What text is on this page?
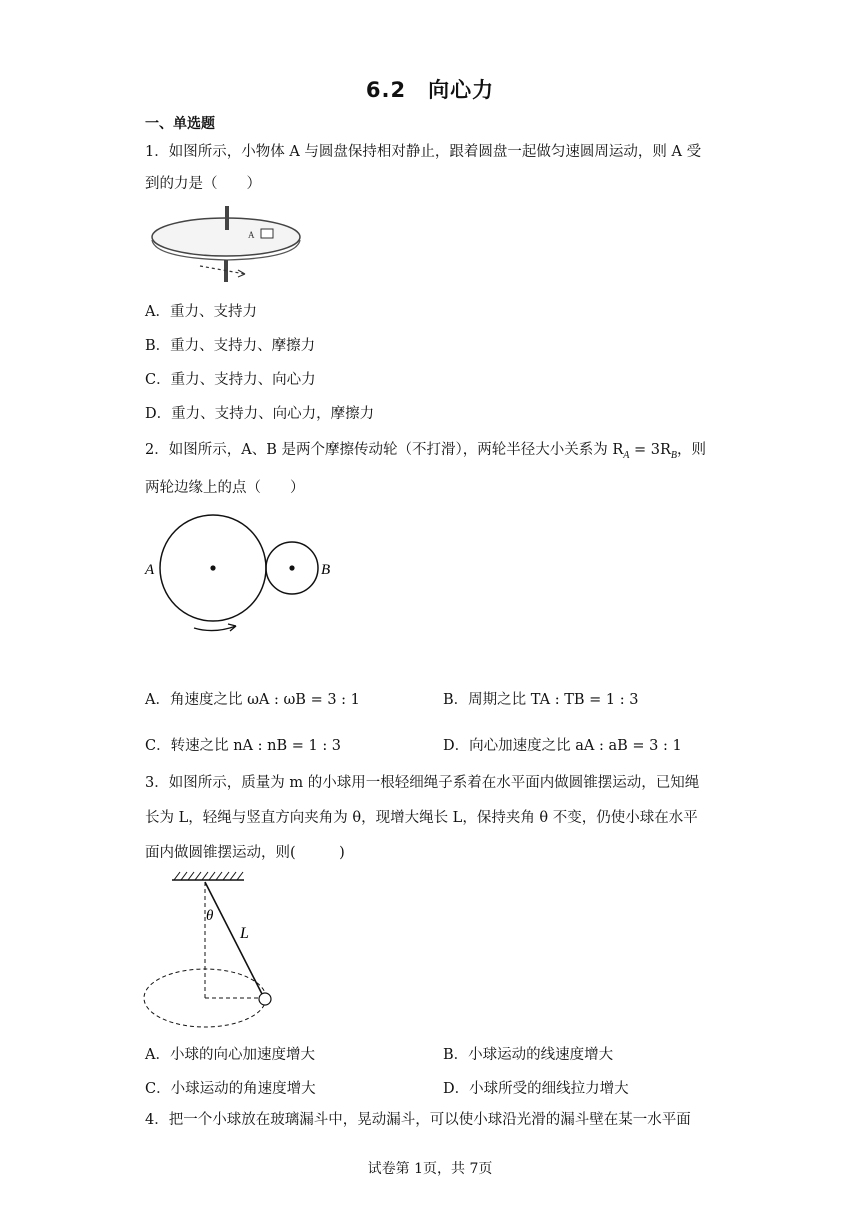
6.2　向心力
一、单选题
1．如图所示，小物体 A 与圆盘保持相对静止，跟着圆盘一起做匀速圆周运动，则 A 受
到的力是（　　）
A
A．重力、支持力
B．重力、支持力、摩擦力
C．重力、支持力、向心力
D．重力、支持力、向心力，摩擦力
2．如图所示，A、B 是两个摩擦传动轮（不打滑），两轮半径大小关系为 $R_A = 3R_B$，则
两轮边缘上的点（　　）
A	B
A．角速度之比 ωA : ωB = 3 : 1	B．周期之比 TA : TB = 1 : 3
C．转速之比 nA : nB = 1 : 3	D．向心加速度之比 aA : aB = 3 : 1
3．如图所示，质量为 m 的小球用一根轻细绳子系着在水平面内做圆锥摆运动，已知绳
长为 L，轻绳与竖直方向夹角为 θ，现增大绳长 L，保持夹角 θ 不变，仍使小球在水平
面内做圆锥摆运动，则(　　　)
θ
L
A．小球的向心加速度增大	B．小球运动的线速度增大
C．小球运动的角速度增大	D．小球所受的细线拉力增大
4．把一个小球放在玻璃漏斗中，晃动漏斗，可以使小球沿光滑的漏斗壁在某一水平面
试卷第 1页，共 7页
